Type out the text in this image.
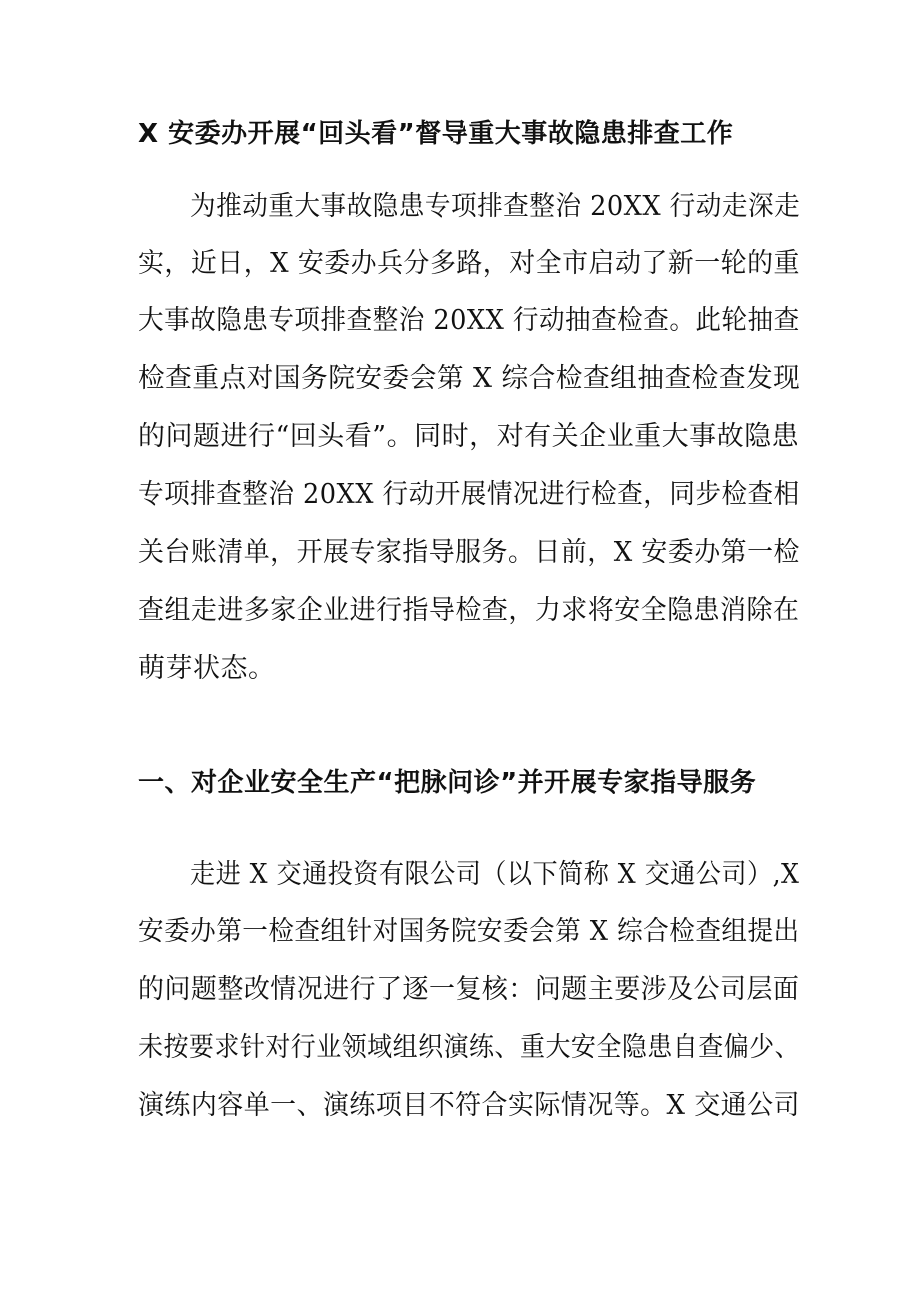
X 安委办开展“回头看”督导重大事故隐患排查工作
为推动重大事故隐患专项排查整治 20XX 行动走深走
实，近日，X 安委办兵分多路，对全市启动了新一轮的重
大事故隐患专项排查整治 20XX 行动抽查检查。此轮抽查
检查重点对国务院安委会第 X 综合检查组抽查检查发现
的问题进行“回头看”。同时，对有关企业重大事故隐患
专项排查整治 20XX 行动开展情况进行检查，同步检查相
关台账清单，开展专家指导服务。日前，X 安委办第一检
查组走进多家企业进行指导检查，力求将安全隐患消除在
萌芽状态。
一、对企业安全生产“把脉问诊”并开展专家指导服务
走进 X 交通投资有限公司（以下简称 X 交通公司）,X
安委办第一检查组针对国务院安委会第 X 综合检查组提出
的问题整改情况进行了逐一复核：问题主要涉及公司层面
未按要求针对行业领域组织演练、重大安全隐患自查偏少、
演练内容单一、演练项目不符合实际情况等。X 交通公司
